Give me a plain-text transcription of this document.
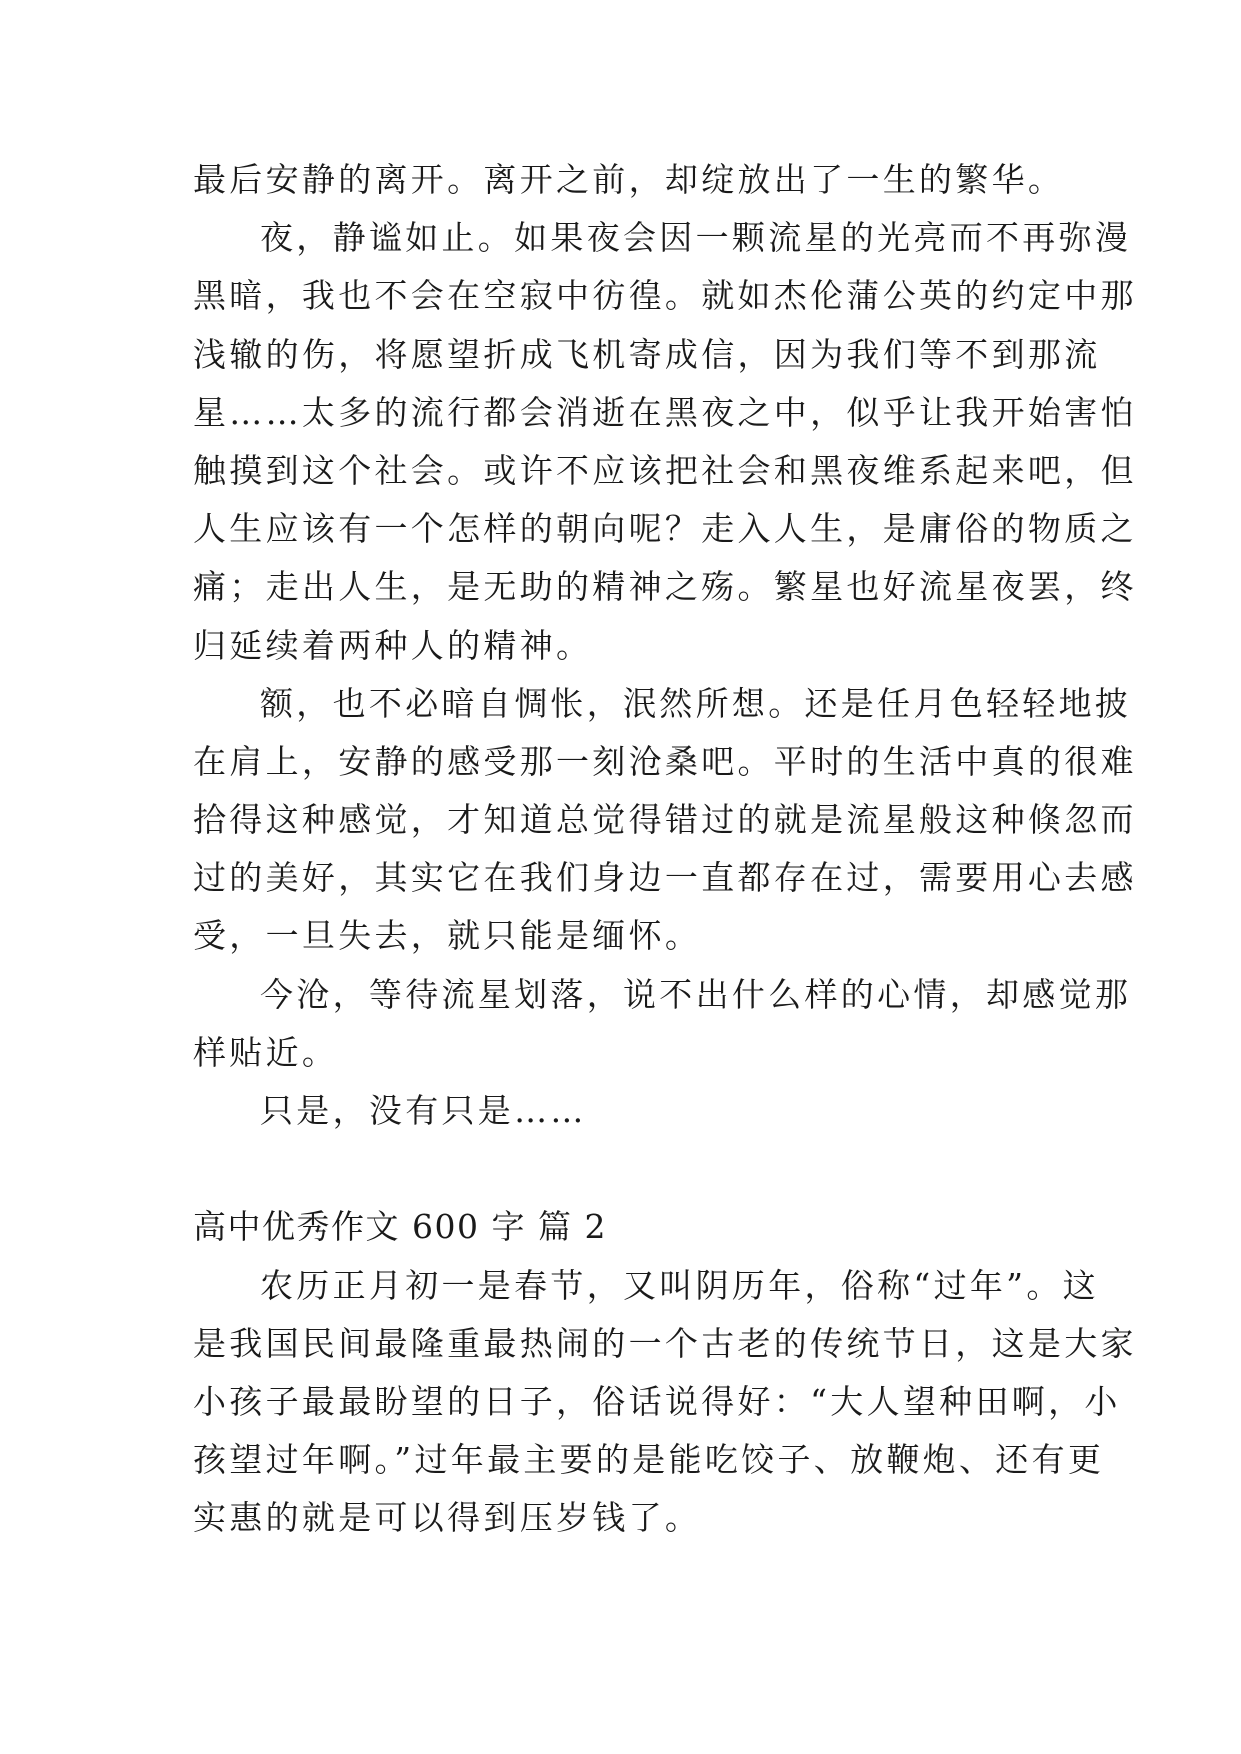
最后安静的离开。离开之前，却绽放出了一生的繁华。
夜，静谧如止。如果夜会因一颗流星的光亮而不再弥漫
黑暗，我也不会在空寂中彷徨。就如杰伦蒲公英的约定中那
浅辙的伤，将愿望折成飞机寄成信，因为我们等不到那流
星……太多的流行都会消逝在黑夜之中，似乎让我开始害怕
触摸到这个社会。或许不应该把社会和黑夜维系起来吧，但
人生应该有一个怎样的朝向呢？走入人生，是庸俗的物质之
痛；走出人生，是无助的精神之殇。繁星也好流星夜罢，终
归延续着两种人的精神。
额，也不必暗自惆怅，泯然所想。还是任月色轻轻地披
在肩上，安静的感受那一刻沧桑吧。平时的生活中真的很难
拾得这种感觉，才知道总觉得错过的就是流星般这种倏忽而
过的美好，其实它在我们身边一直都存在过，需要用心去感
受，一旦失去，就只能是缅怀。
今沧，等待流星划落，说不出什么样的心情，却感觉那
样贴近。
只是，没有只是……
高中优秀作文 600 字 篇 2
农历正月初一是春节，又叫阴历年，俗称“过年”。这
是我国民间最隆重最热闹的一个古老的传统节日，这是大家
小孩子最最盼望的日子，俗话说得好：“大人望种田啊，小
孩望过年啊。”过年最主要的是能吃饺子、放鞭炮、还有更
实惠的就是可以得到压岁钱了。
